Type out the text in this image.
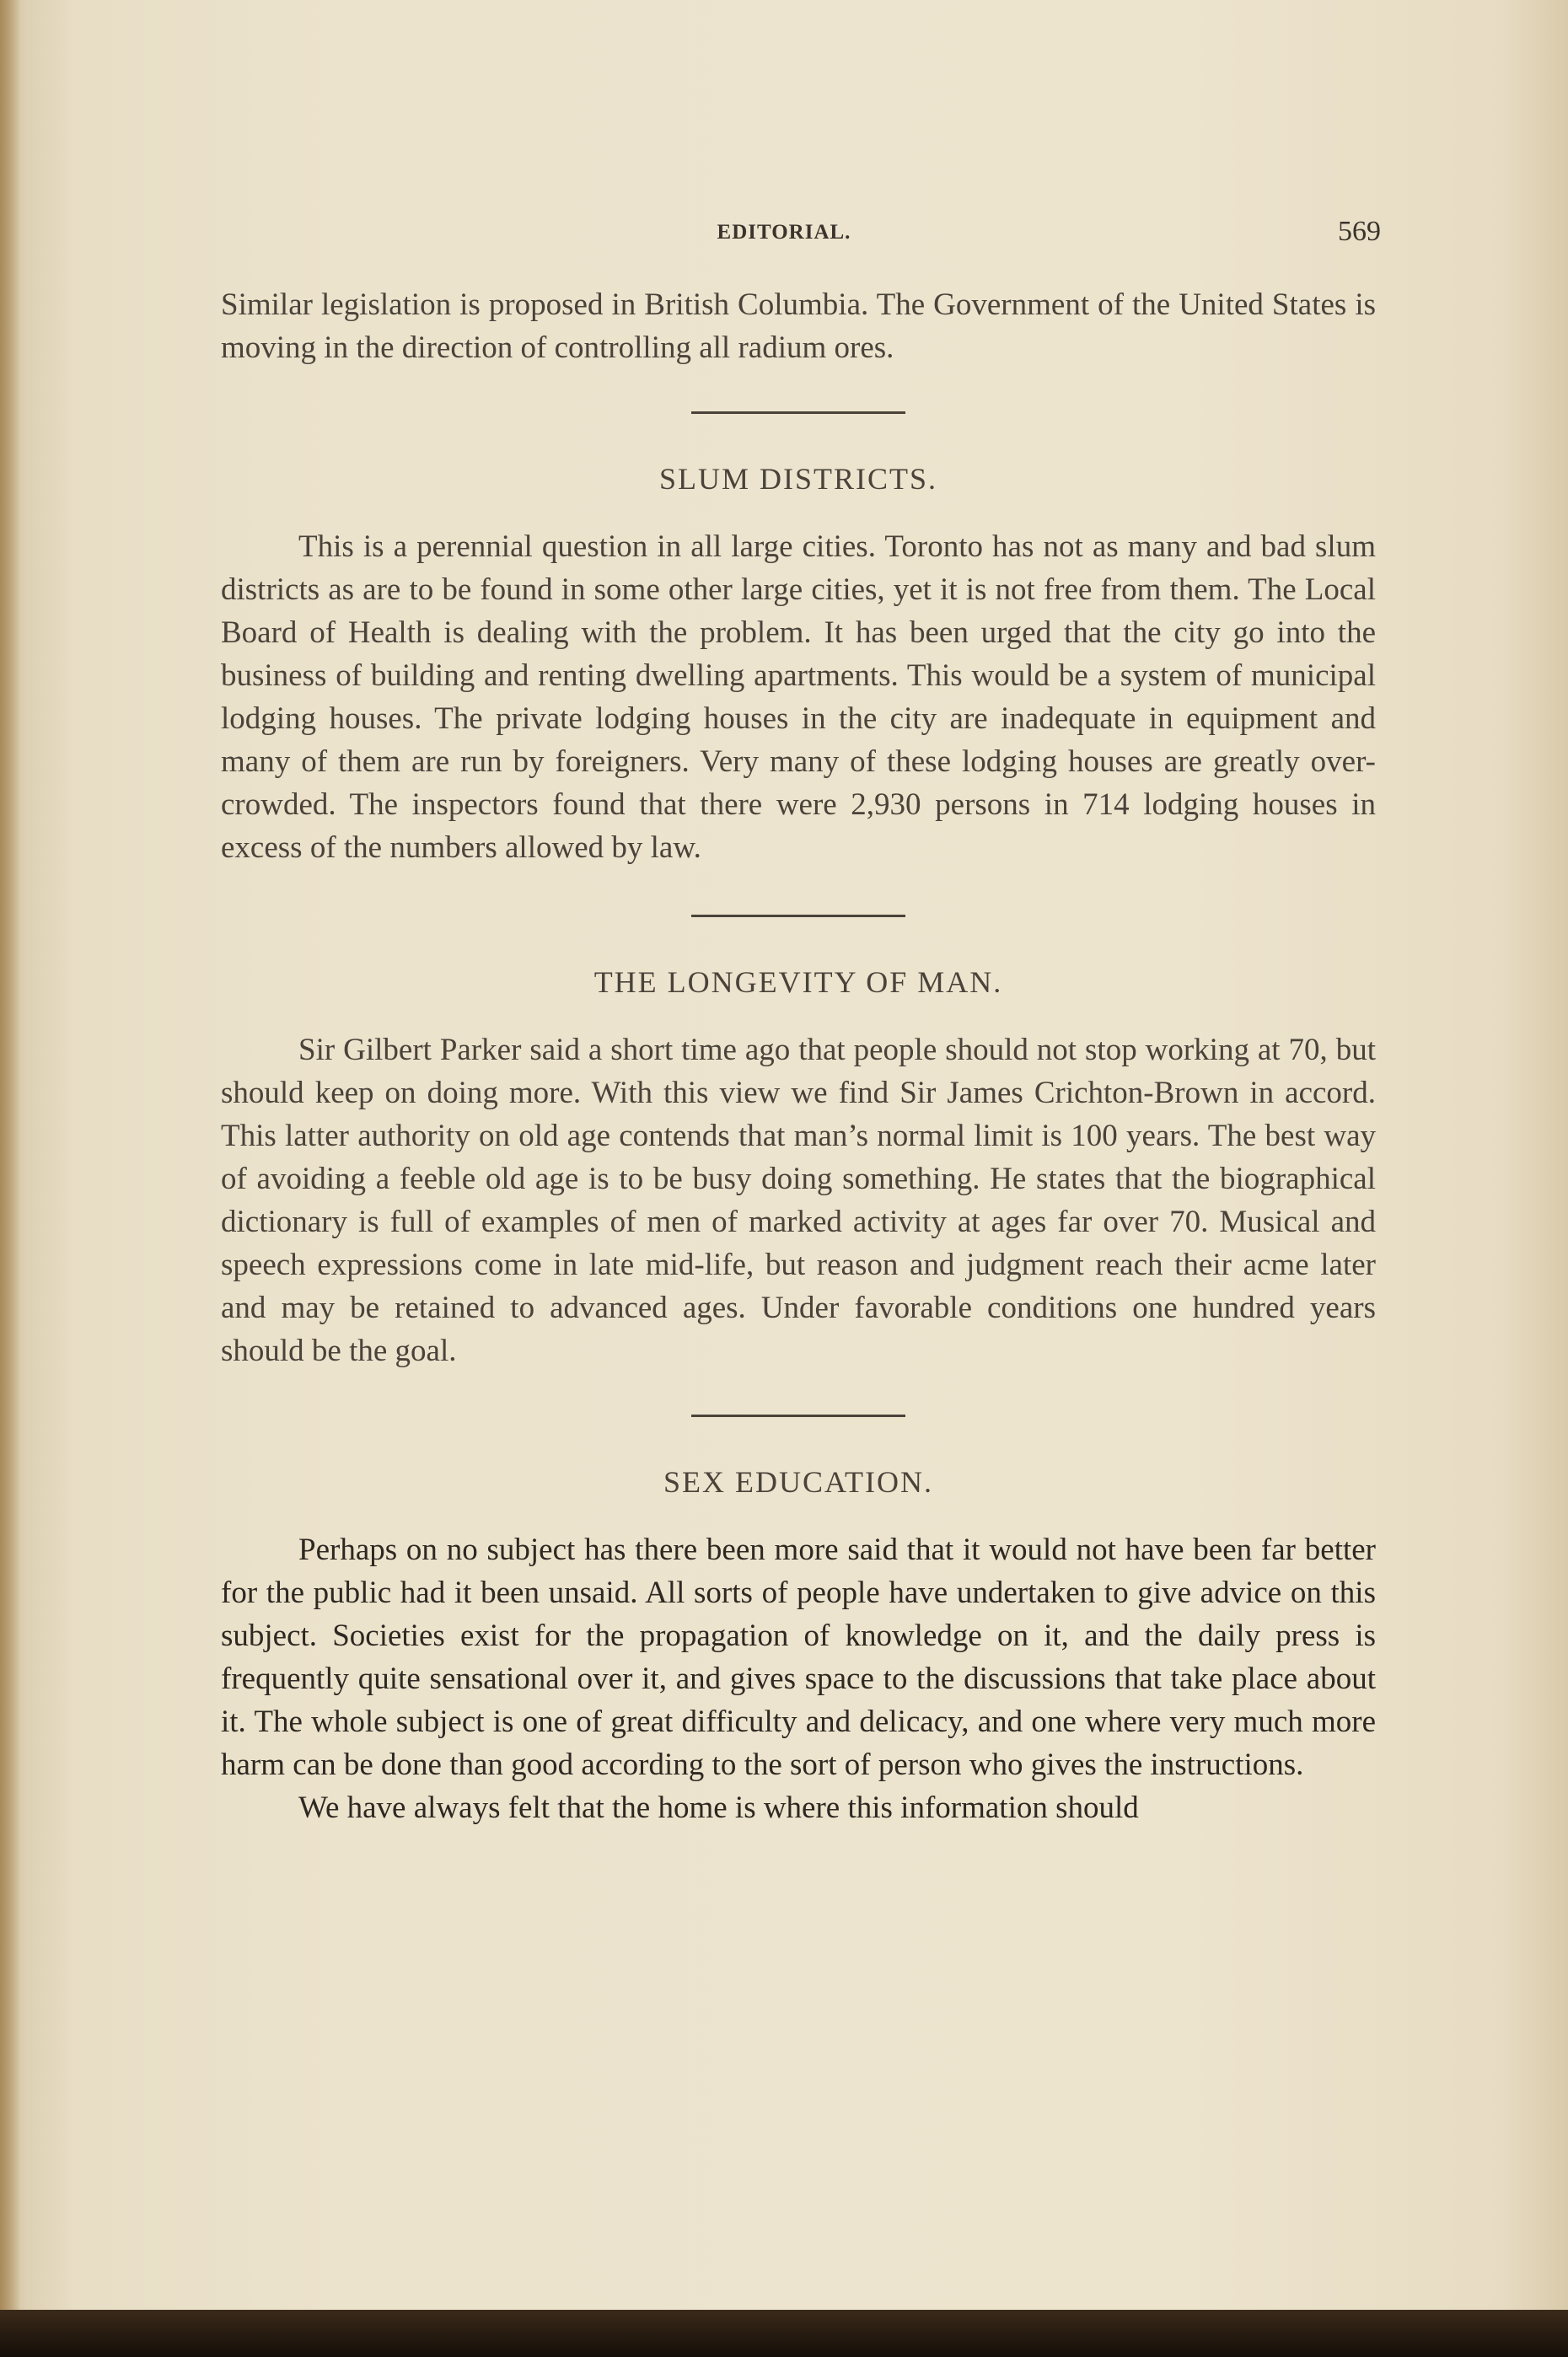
EDITORIAL.	569

Similar legislation is proposed in British Columbia. The Government of the United States is moving in the direction of controlling all radium ores.

SLUM DISTRICTS.

This is a perennial question in all large cities. Toronto has not as many and bad slum districts as are to be found in some other large cities, yet it is not free from them. The Local Board of Health is dealing with the problem. It has been urged that the city go into the business of building and renting dwelling apartments. This would be a system of municipal lodging houses. The private lodging houses in the city are inadequate in equipment and many of them are run by foreigners. Very many of these lodging houses are greatly over-crowded. The inspectors found that there were 2,930 persons in 714 lodging houses in excess of the numbers allowed by law.

THE LONGEVITY OF MAN.

Sir Gilbert Parker said a short time ago that people should not stop working at 70, but should keep on doing more. With this view we find Sir James Crichton-Brown in accord. This latter authority on old age contends that man’s normal limit is 100 years. The best way of avoiding a feeble old age is to be busy doing something. He states that the biographical dictionary is full of examples of men of marked activity at ages far over 70. Musical and speech expressions come in late mid-life, but reason and judgment reach their acme later and may be retained to advanced ages. Under favorable conditions one hundred years should be the goal.

SEX EDUCATION.

Perhaps on no subject has there been more said that it would not have been far better for the public had it been unsaid. All sorts of people have undertaken to give advice on this subject. Societies exist for the propagation of knowledge on it, and the daily press is frequently quite sensational over it, and gives space to the discussions that take place about it. The whole subject is one of great difficulty and delicacy, and one where very much more harm can be done than good according to the sort of person who gives the instructions.

We have always felt that the home is where this information should
